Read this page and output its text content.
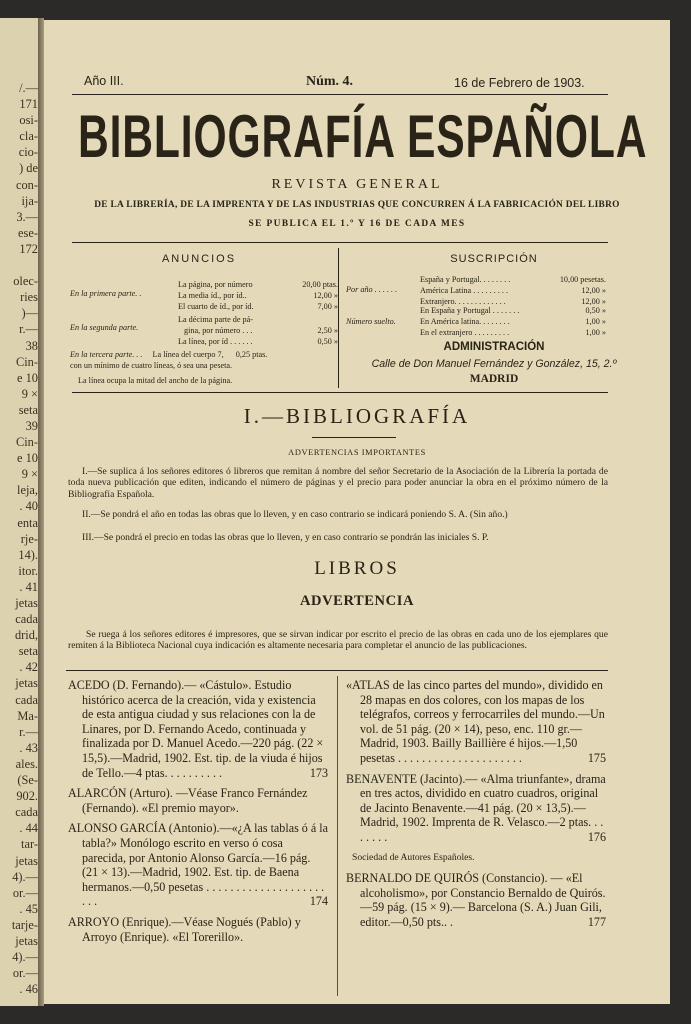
/.—
171
osi-
cla-
cio-
) de
con-
ija-
3.—
ese-
172

olec-
ries
)—
r.—
38
Cin-
e 10
9 ×
seta
39
Cin-
e 10
9 ×
leja,
. 40
enta
rje-
14).
itor.
. 41
jetas
cada
drid,
seta
. 42
jetas
cada
Ma-
r.—
. 43
ales.
(Se-
902.
cada
. 44
tar-
jetas
4).—
or.—
. 45
tarje-
jetas
4).—
or.—
. 46
Año III.	Núm. 4.	16 de Febrero de 1903.
BIBLIOGRAFÍA ESPAÑOLA
REVISTA GENERAL
DE LA LIBRERÍA, DE LA IMPRENTA Y DE LAS INDUSTRIAS QUE CONCURREN Á LA FABRICACIÓN DEL LIBRO
SE PUBLICA EL 1.º Y 16 DE CADA MES
ANUNCIOS
En la primera parte. .
La página, por número	20,00 ptas.
La media íd., por íd..	12,00 »
El cuarto de íd., por íd.	7,00 »
En la segunda parte.
La décima parte de pá-
gina, por número . . .	2,50 »
La línea, por íd . . . . . .	0,50 »
En la tercera parte. . . La línea del cuerpo 7, 0,25 ptas.
con un mínimo de cuatro líneas, ó sea una peseta.
La línea ocupa la mitad del ancho de la página.
SUSCRIPCIÓN
Por año . . . . . .
España y Portugal. . . . . . . .	10,00 pesetas.
América Latina . . . . . . . . .	12,00 »
Extranjero. . . . . . . . . . . . .	12,00 »
Número suelto.
En España y Portugal . . . . . . .	0,50 »
En América latina. . . . . . . .	1,00 »
En el extranjero . . . . . . . . .	1,00 »
ADMINISTRACIÓN
Calle de Don Manuel Fernández y González, 15, 2.º
MADRID
I.—BIBLIOGRAFÍA
ADVERTENCIAS IMPORTANTES
I.—Se suplica á los señores editores ó libreros que remitan á nombre del señor Secretario de la Asociación de la Librería la portada de toda nueva publicación que editen, indicando el número de páginas y el precio para poder anunciar la obra en el próximo número de la Bibliografía Española.
II.—Se pondrá el año en todas las obras que lo lleven, y en caso contrario se indicará poniendo S. A. (Sin año.)
III.—Se pondrá el precio en todas las obras que lo lleven, y en caso contrario se pondrán las iniciales S. P.
LIBROS
ADVERTENCIA
Se ruega á los señores editores é impresores, que se sirvan indicar por escrito el precio de las obras en cada uno de los ejemplares que remiten á la Biblioteca Nacional cuya indicación es altamente necesaria para completar el anuncio de las publicaciones.

ACEDO (D. Fernando).— «Cástulo». Estudio histórico acerca de la creación, vida y existencia de esta antigua ciudad y sus relaciones con la de Linares, por D. Fernando Acedo, continuada y finalizada por D. Manuel Acedo.—220 pág. (22 × 15,5).—Madrid, 1902. Est. tip. de la viuda é hijos de Tello.—4 ptas. . . . . . . . . .	173

ALARCÓN (Arturo). —Véase Franco Fernández (Fernando). «El premio mayor».

ALONSO GARCÍA (Antonio).—«¿A las tablas ó á la tabla?» Monólogo escrito en verso ó cosa parecida, por Antonio Alonso García.—16 pág. (21 × 13).—Madrid, 1902. Est. tip. de Baena hermanos.—0,50 pesetas . . . . . . . . . . . . . . . . . . . . . . .	174

ARROYO (Enrique).—Véase Nogués (Pablo) y Arroyo (Enrique). «El Torerillo».

«ATLAS de las cinco partes del mundo», dividido en 28 mapas en dos colores, con los mapas de los telégrafos, correos y ferrocarriles del mundo.—Un vol. de 51 pág. (20 × 14), peso, enc. 110 gr.—Madrid, 1903. Bailly Baillière é hijos.—1,50 pesetas . . . . . . . . . . . . . . . . . . . . .	175

BENAVENTE (Jacinto).— «Alma triunfante», drama en tres actos, dividido en cuatro cuadros, original de Jacinto Benavente.—41 pág. (20 × 13,5).—Madrid, 1902. Imprenta de R. Velasco.—2 ptas. . . . . . . .	176

Sociedad de Autores Españoles.

BERNALDO DE QUIRÓS (Constancio). — «El alcoholismo», por Constancio Bernaldo de Quirós.—59 pág. (15 × 9).— Barcelona (S. A.) Juan Gili, editor.—0,50 pts.. .	177
